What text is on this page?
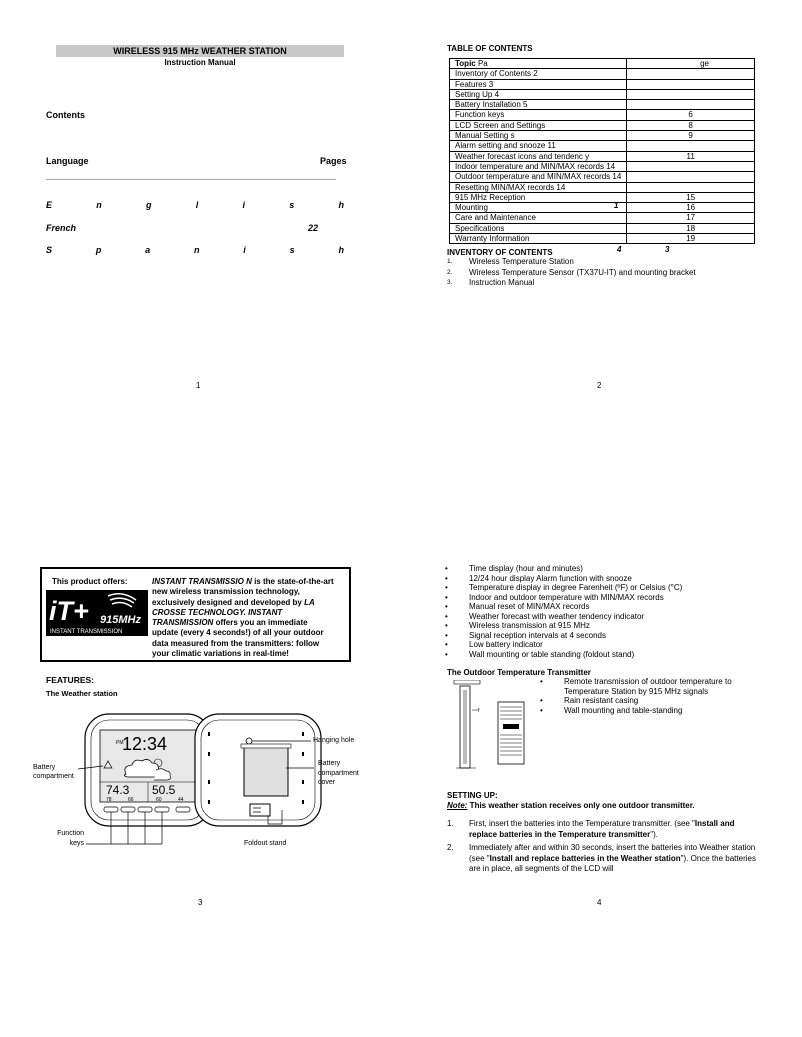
WIRELESS 915 MHz WEATHER STATION
Instruction Manual
Contents
Language	Pages
E	n	g	l	i	s	h
French	22
S	p	a	n	i	s	h
1
TABLE OF CONTENTS
Topic Pa	ge
Inventory of Contents 2	
Features 3	
Setting Up 4	
Battery Installation 5	
Function keys	6
LCD Screen and Settings	8
Manual Setting s	9
Alarm setting and snooze 11	
Weather forecast icons and tendenc y	11
Indoor temperature and MIN/MAX records 14	
Outdoor temperature and MIN/MAX records 14	
Resetting MIN/MAX records 14	
915 MHz Reception	15
Mounting	16
Care and Maintenance	17
Specifications	18
Warranty Information	19
1
4	3
INVENTORY OF CONTENTS
1. Wireless Temperature Station
2. Wireless Temperature Sensor (TX37U-IT) and mounting bracket
3. Instruction Manual
2
This product offers:
iT+ 915MHz
INSTANT TRANSMISSION
INSTANT TRANSMISSIO N is the state-of-the-art
new wireless transmission technology,
exclusively designed and developed by LA
CROSSE TECHNOLOGY. INSTANT
TRANSMISSION offers you an immediate
update (every 4 seconds!) of all your outdoor
data measured from the transmitters: follow
your climatic variations in real-time!
FEATURES:
The Weather station
12:34
PM
74.3 50.5
78	66	60	44
Hanging hole
Battery
compartment
Battery
compartment
cover
Function
keys	Foldout stand
3
•	Time display (hour and minutes)
•	12/24 hour display Alarm function with snooze
•	Temperature display in degree Farenheit (ºF) or Celsius (°C)
•	Indoor and outdoor temperature with MIN/MAX records
•	Manual reset of MIN/MAX records
•	Weather forecast with weather tendency indicator
•	Wireless transmission at 915 MHz
•	Signal reception intervals at 4 seconds
•	Low battery indicator
•	Wall mounting or table standing (foldout stand)
The Outdoor Temperature Transmitter
f
•	Remote transmission of outdoor temperature to Temperature Station by 915 MHz signals
•	Rain resistant casing
•	Wall mounting and table-standing
SETTING UP:
Note: This weather station receives only one outdoor transmitter.
1. First, insert the batteries into the Temperature transmitter. (see "Install and replace batteries in the Temperature transmitter").
2. Immediately after and within 30 seconds, insert the batteries into Weather station (see "Install and replace batteries in the Weather station"). Once the batteries are in place, all segments of the LCD will
4
